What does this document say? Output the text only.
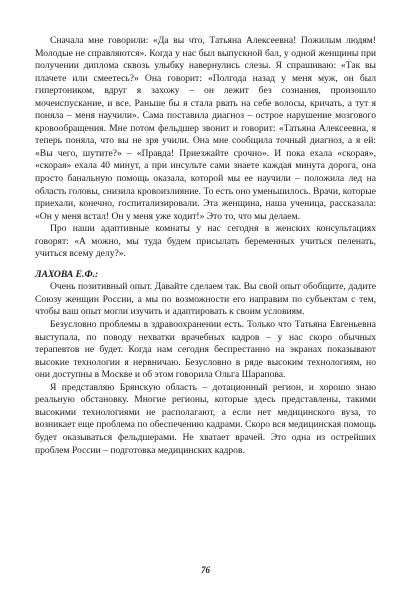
Сначала мне говорили: «Да вы что, Татьяна Алексеевна! Пожилым людям! Молодые не справляются». Когда у нас был выпускной бал, у одной женщины при получении диплома сквозь улыбку навернулись слезы. Я спрашиваю: «Так вы плачете или смеетесь?» Она говорит: «Полгода назад у меня муж, он был гипертоником, вдруг я захожу – он лежит без сознания, произошло мочеиспускание, и все. Раньше бы я стала рвать на себе волосы, кричать, а тут я поняла – меня научили». Сама поставила диагноз – острое нарушение мозгового кровообращения. Мне потом фельдшер звонит и говорит: «Татьяна Алексеевна, я теперь поняла, что вы не зря учили. Она мне сообщила точный диагноз, а я ей: «Вы чего, шутите?» – «Правда! Приезжайте срочно». И пока ехала «скорая», «скорая» ехала 40 минут, а при инсульте сами знаете каждая минута дорога, она просто банальную помощь оказала, которой мы ее научили – положила лед на область головы, снизила кровоизлияние. То есть оно уменьшилось. Врачи, которые приехали, конечно, госпитализировали. Эта женщина, наша ученица, рассказала: «Он у меня встал! Он у меня уже ходит!» Это то, что мы делаем.

Про наши адаптивные комнаты у нас сегодня в женских консультациях говорят: «А можно, мы туда будем присылать беременных учиться пеленать, учиться всему делу?».

ЛАХОВА Е.Ф.:

Очень позитивный опыт. Давайте сделаем так. Вы свой опыт обобщите, дадите Союзу женщин России, а мы по возможности его направим по субъектам с тем, чтобы ваш опыт могли изучить и адаптировать к своим условиям.

Безусловно проблемы в здравоохранении есть. Только что Татьяна Евгеньевна выступала, по поводу нехватки врачебных кадров – у нас скоро обычных терапевтов не будет. Когда нам сегодня беспрестанно на экранах показывают высокие технологии я нервничаю. Безусловно в ряде высоким технологиям, но они доступны в Москве и об этом говорила Ольга Шарапова.

Я представляю Брянскую область – дотационный регион, и хорошо знаю реальную обстановку. Многие регионы, которые здесь представлены, такими высокими технологиями не располагают, а если нет медицинского вуза, то возникает еще проблема по обеспечению кадрами. Скоро вся медицинская помощь будет оказываться фельдшерами. Не хватает врачей. Это одна из острейших проблем России – подготовка медицинских кадров.

76
